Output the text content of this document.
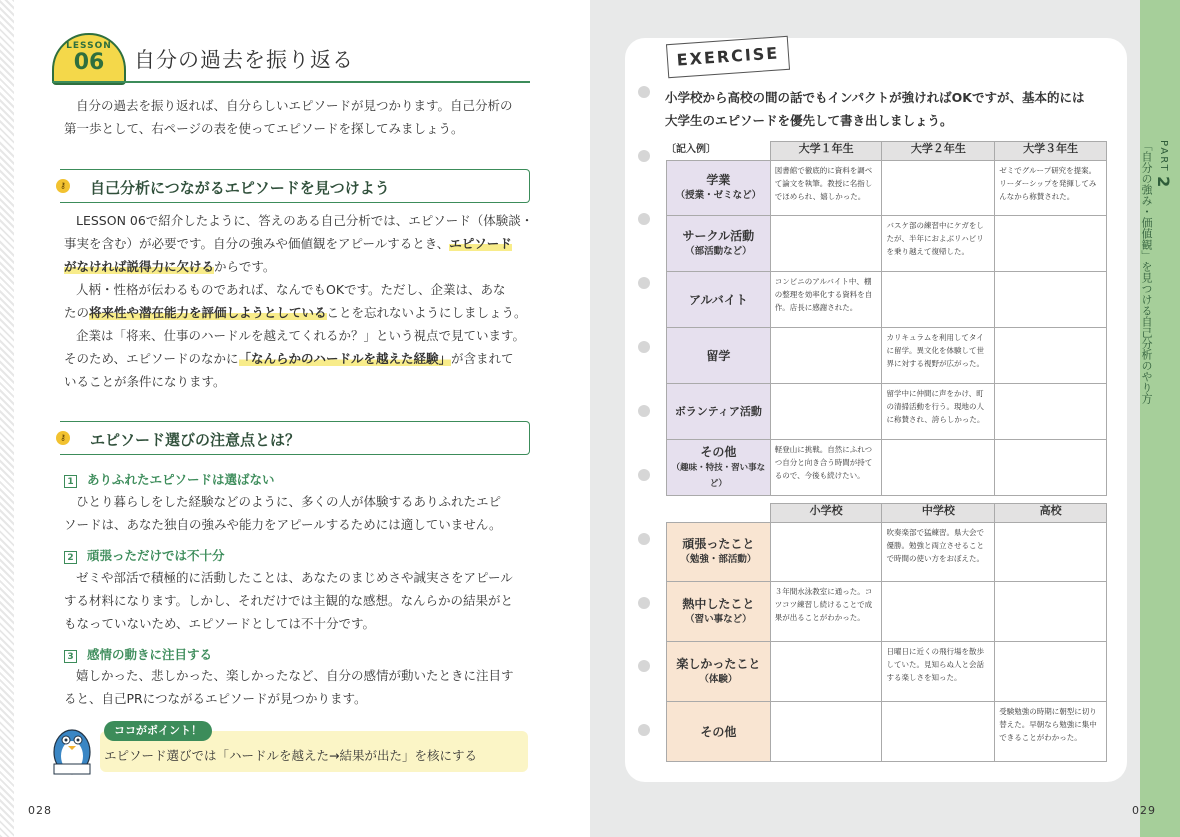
LESSON
06	自分の過去を振り返る
自分の過去を振り返れば、自分らしいエピソードが見つかります。自己分析の
第一歩として、右ページの表を使ってエピソードを探してみましょう。
⚷ 自己分析につながるエピソードを見つけよう
LESSON 06で紹介したように、答えのある自己分析では、エピソード（体験談・
事実を含む）が必要です。自分の強みや価値観をアピールするとき、エピソード
がなければ説得力に欠けるからです。
人柄・性格が伝わるものであれば、なんでもOKです。ただし、企業は、あな
たの将来性や潜在能力を評価しようとしていることを忘れないようにしましょう。
企業は「将来、仕事のハードルを越えてくれるか？」という視点で見ています。
そのため、エピソードのなかに「なんらかのハードルを越えた経験」が含まれて
いることが条件になります。
⚷ エピソード選びの注意点とは？
1 ありふれたエピソードは選ばない
ひとり暮らしをした経験などのように、多くの人が体験するありふれたエピ
ソードは、あなた独自の強みや能力をアピールするためには適していません。
2 頑張っただけでは不十分
ゼミや部活で積極的に活動したことは、あなたのまじめさや誠実さをアピール
する材料になります。しかし、それだけでは主観的な感想。なんらかの結果がと
もなっていないため、エピソードとしては不十分です。
3 感情の動きに注目する
嬉しかった、悲しかった、楽しかったなど、自分の感情が動いたときに注目す
ると、自己PRにつながるエピソードが見つかります。
ココがポイント！
エピソード選びでは「ハードルを越えた→結果が出た」を核にする
028
PART 2
「自分の強み・価値観」を見つける自己分析のやり方
EXERCISE
小学校から高校の間の話でもインパクトが強ければOKですが、基本的には
大学生のエピソードを優先して書き出しましょう。
〔記入例〕
		大学１年生	大学２年生	大学３年生
学業
（授業・ゼミなど）	図書館で徹底的に資料を調べて論文を執筆。教授に名指しでほめられ、嬉しかった。		ゼミでグループ研究を提案。リーダーシップを発揮してみんなから称賛された。
サークル活動
（部活動など）		バスケ部の練習中にケガをしたが、半年におよぶリハビリを乗り越えて復帰した。	
アルバイト	コンビニのアルバイト中、棚の整理を効率化する資料を自作。店長に感謝された。		
留学		カリキュラムを利用してタイに留学。異文化を体験して世界に対する視野が広がった。	
ボランティア活動		留学中に仲間に声をかけ、町の清掃活動を行う。現地の人に称賛され、誇らしかった。	
その他
（趣味・特技・習い事など）	軽登山に挑戦。自然にふれつつ自分と向き合う時間が持てるので、今後も続けたい。		
	小学校	中学校	高校
頑張ったこと
（勉強・部活動）		吹奏楽部で猛練習。県大会で優勝。勉強と両立させることで時間の使い方をおぼえた。	
熱中したこと
（習い事など）	３年間水泳教室に通った。コツコツ練習し続けることで成果が出ることがわかった。		
楽しかったこと
（体験）		日曜日に近くの飛行場を散歩していた。見知らぬ人と会話する楽しさを知った。	
その他			受験勉強の時期に朝型に切り替えた。早朝なら勉強に集中できることがわかった。
029
